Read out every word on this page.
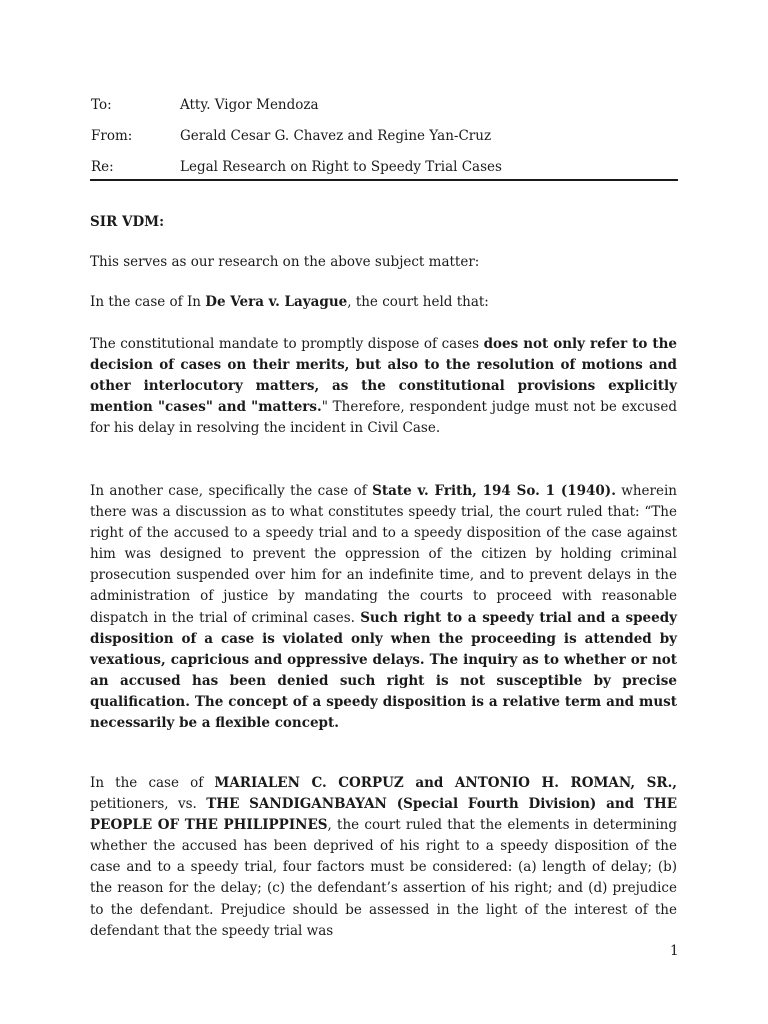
To:	Atty. Vigor Mendoza
From:	Gerald Cesar G. Chavez and Regine Yan-Cruz
Re:	Legal Research on Right to Speedy Trial Cases

SIR VDM:

This serves as our research on the above subject matter:

In the case of In De Vera v. Layague, the court held that:

The constitutional mandate to promptly dispose of cases does not only refer to the decision of cases on their merits, but also to the resolution of motions and other interlocutory matters, as the constitutional provisions explicitly mention "cases" and "matters." Therefore, respondent judge must not be excused for his delay in resolving the incident in Civil Case.

In another case, specifically the case of State v. Frith, 194 So. 1 (1940). wherein there was a discussion as to what constitutes speedy trial, the court ruled that: “The right of the accused to a speedy trial and to a speedy disposition of the case against him was designed to prevent the oppression of the citizen by holding criminal prosecution suspended over him for an indefinite time, and to prevent delays in the administration of justice by mandating the courts to proceed with reasonable dispatch in the trial of criminal cases. Such right to a speedy trial and a speedy disposition of a case is violated only when the proceeding is attended by vexatious, capricious and oppressive delays. The inquiry as to whether or not an accused has been denied such right is not susceptible by precise qualification. The concept of a speedy disposition is a relative term and must necessarily be a flexible concept.

In the case of MARIALEN C. CORPUZ and ANTONIO H. ROMAN, SR., petitioners, vs. THE SANDIGANBAYAN (Special Fourth Division) and THE PEOPLE OF THE PHILIPPINES, the court ruled that the elements in determining whether the accused has been deprived of his right to a speedy disposition of the case and to a speedy trial, four factors must be considered: (a) length of delay; (b) the reason for the delay; (c) the defendant’s assertion of his right; and (d) prejudice to the defendant. Prejudice should be assessed in the light of the interest of the defendant that the speedy trial was

1
